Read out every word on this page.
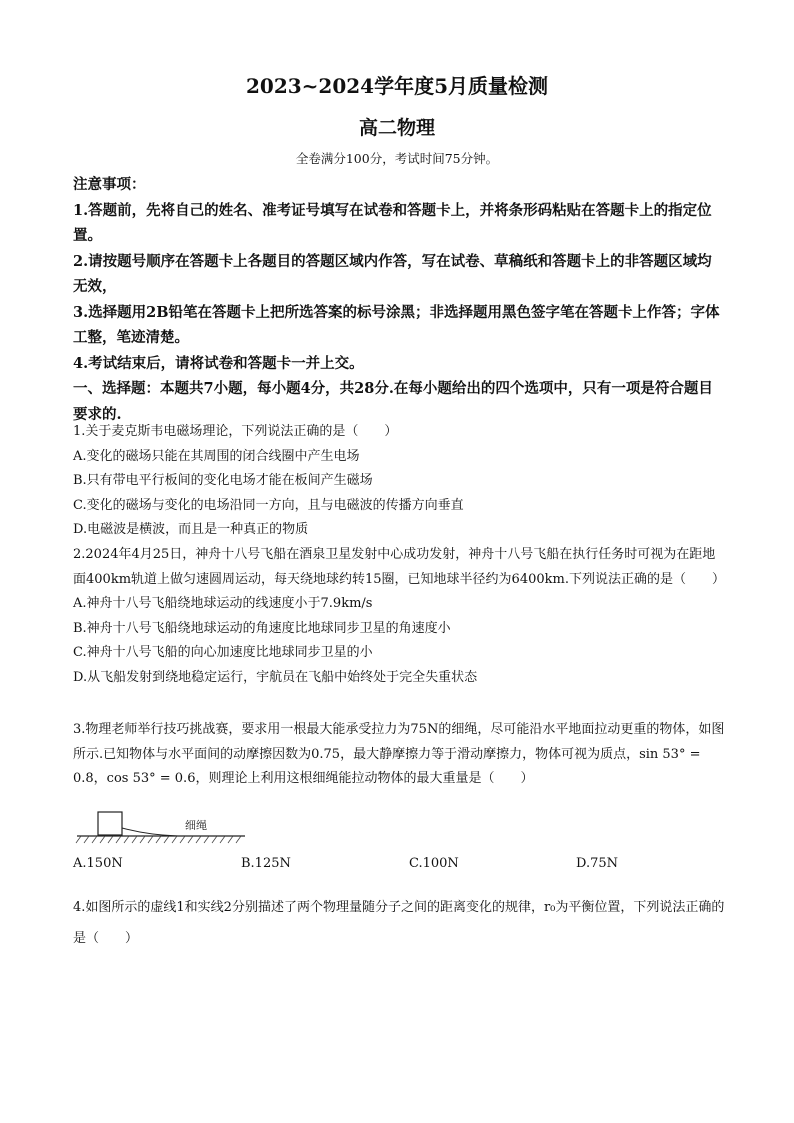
2023~2024学年度5月质量检测
高二物理
全卷满分100分，考试时间75分钟。

注意事项：

1.答题前，先将自己的姓名、准考证号填写在试卷和答题卡上，并将条形码粘贴在答题卡上的指定位置。

2.请按题号顺序在答题卡上各题目的答题区域内作答，写在试卷、草稿纸和答题卡上的非答题区域均无效，

3.选择题用2B铅笔在答题卡上把所选答案的标号涂黑；非选择题用黑色签字笔在答题卡上作答；字体工整，笔迹清楚。

4.考试结束后，请将试卷和答题卡一并上交。

一、选择题：本题共7小题，每小题4分，共28分.在每小题给出的四个选项中，只有一项是符合题目要求的.

1.关于麦克斯韦电磁场理论，下列说法正确的是（　　）

A.变化的磁场只能在其周围的闭合线圈中产生电场

B.只有带电平行板间的变化电场才能在板间产生磁场

C.变化的磁场与变化的电场沿同一方向，且与电磁波的传播方向垂直

D.电磁波是横波，而且是一种真正的物质

2.2024年4月25日，神舟十八号飞船在酒泉卫星发射中心成功发射，神舟十八号飞船在执行任务时可视为在距地面400km轨道上做匀速圆周运动，每天绕地球约转15圈，已知地球半径约为6400km.下列说法正确的是（　　）

A.神舟十八号飞船绕地球运动的线速度小于7.9km/s

B.神舟十八号飞船绕地球运动的角速度比地球同步卫星的角速度小

C.神舟十八号飞船的向心加速度比地球同步卫星的小

D.从飞船发射到绕地稳定运行，宇航员在飞船中始终处于完全失重状态

3.物理老师举行技巧挑战赛，要求用一根最大能承受拉力为75N的细绳，尽可能沿水平地面拉动更重的物体，如图所示.已知物体与水平面间的动摩擦因数为0.75，最大静摩擦力等于滑动摩擦力，物体可视为质点，sin 53° = 0.8，cos 53° = 0.6，则理论上利用这根细绳能拉动物体的最大重量是（　　）

细绳
A.150N	B.125N	C.100N	D.75N

4.如图所示的虚线1和实线2分别描述了两个物理量随分子之间的距离变化的规律，r₀为平衡位置，下列说法正确的是（　　）
